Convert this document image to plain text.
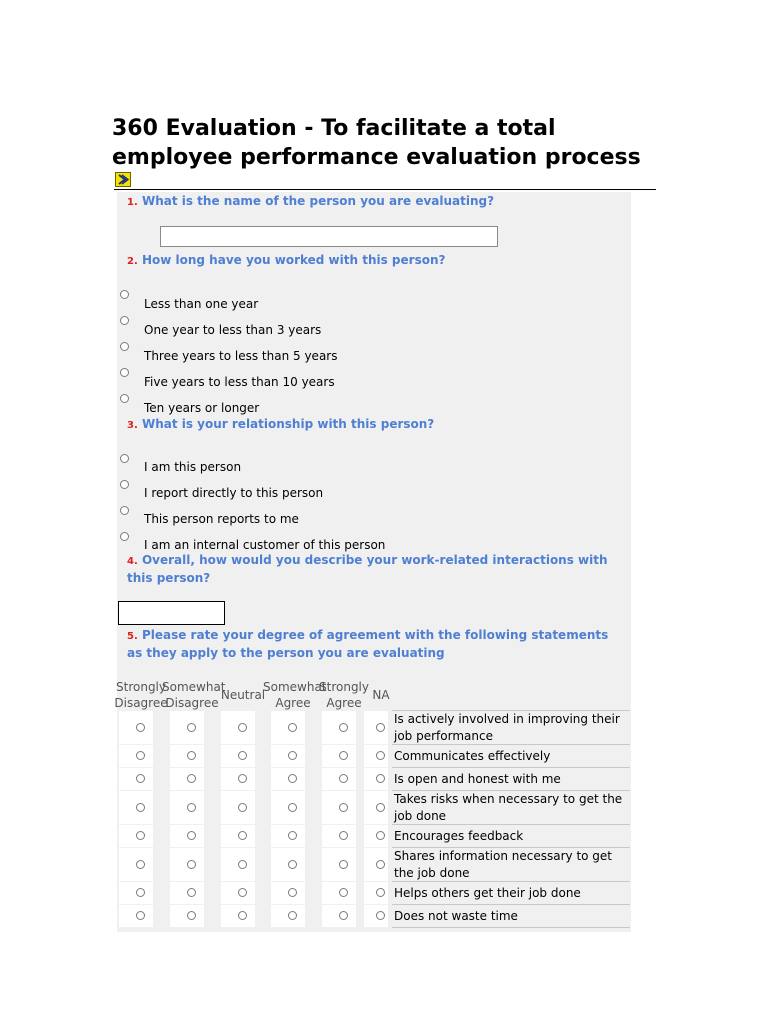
360 Evaluation - To facilitate a total employee performance evaluation process
1. What is the name of the person you are evaluating?
2. How long have you worked with this person?
Less than one year
One year to less than 3 years
Three years to less than 5 years
Five years to less than 10 years
Ten years or longer
3. What is your relationship with this person?
I am this person
I report directly to this person
This person reports to me
I am an internal customer of this person
4. Overall, how would you describe your work-related interactions with this person?
5. Please rate your degree of agreement with the following statements as they apply to the person you are evaluating
Strongly
Disagree
Somewhat
Disagree
Neutral
Somewhat
Agree
Strongly
Agree
NA
Is actively involved in improving their job performance
Communicates effectively
Is open and honest with me
Takes risks when necessary to get the job done
Encourages feedback
Shares information necessary to get the job done
Helps others get their job done
Does not waste time
